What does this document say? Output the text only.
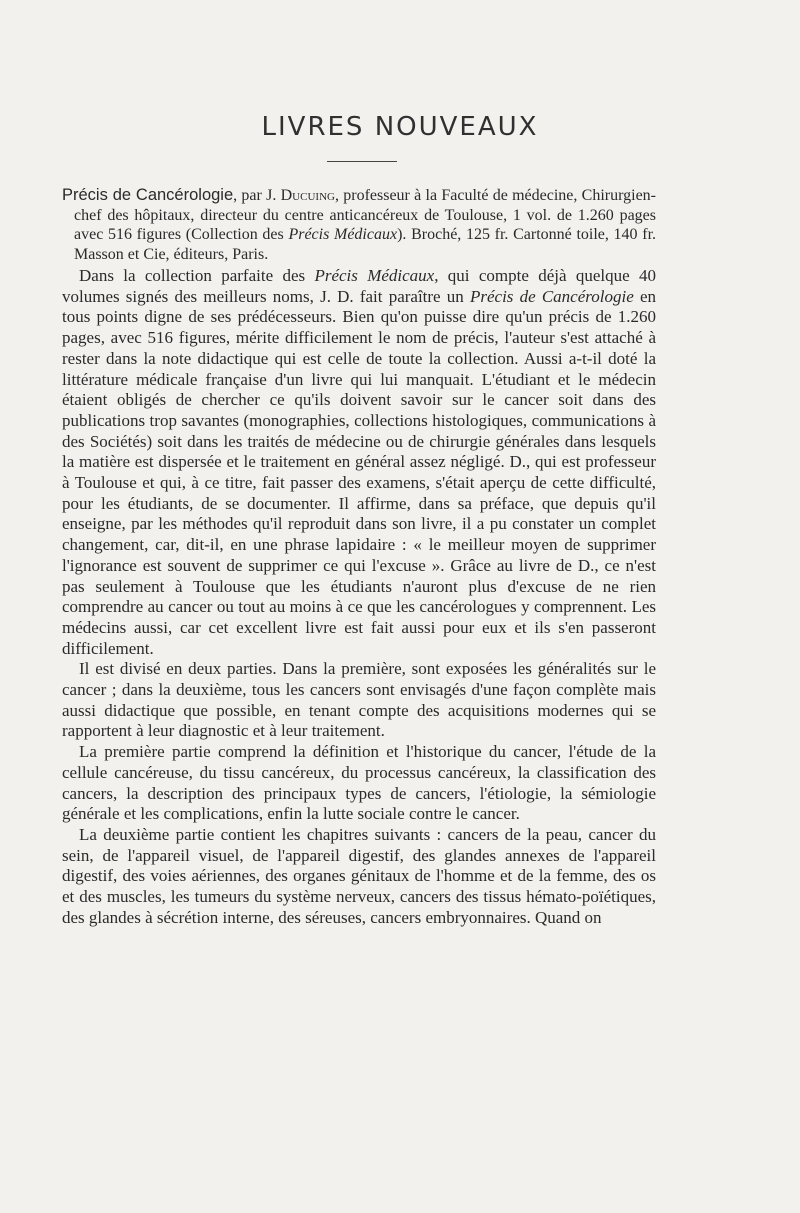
LIVRES NOUVEAUX

Précis de Cancérologie, par J. Ducuing, professeur à la Faculté de médecine, Chirurgien-chef des hôpitaux, directeur du centre anticancéreux de Toulouse, 1 vol. de 1.260 pages avec 516 figures (Collection des Précis Médicaux). Broché, 125 fr. Cartonné toile, 140 fr. Masson et Cie, éditeurs, Paris.

Dans la collection parfaite des Précis Médicaux, qui compte déjà quelque 40 volumes signés des meilleurs noms, J. D. fait paraître un Précis de Cancérologie en tous points digne de ses prédécesseurs. Bien qu'on puisse dire qu'un précis de 1.260 pages, avec 516 figures, mérite difficilement le nom de précis, l'auteur s'est attaché à rester dans la note didactique qui est celle de toute la collection. Aussi a-t-il doté la littérature médicale française d'un livre qui lui manquait. L'étudiant et le médecin étaient obligés de chercher ce qu'ils doivent savoir sur le cancer soit dans des publications trop savantes (monographies, collections histologiques, communications à des Sociétés) soit dans les traités de médecine ou de chirurgie générales dans lesquels la matière est dispersée et le traitement en général assez négligé. D., qui est professeur à Toulouse et qui, à ce titre, fait passer des examens, s'était aperçu de cette difficulté, pour les étudiants, de se documenter. Il affirme, dans sa préface, que depuis qu'il enseigne, par les méthodes qu'il reproduit dans son livre, il a pu constater un complet changement, car, dit-il, en une phrase lapidaire : « le meilleur moyen de supprimer l'ignorance est souvent de supprimer ce qui l'excuse ». Grâce au livre de D., ce n'est pas seulement à Toulouse que les étudiants n'auront plus d'excuse de ne rien comprendre au cancer ou tout au moins à ce que les cancérologues y comprennent. Les médecins aussi, car cet excellent livre est fait aussi pour eux et ils s'en passeront difficilement.

Il est divisé en deux parties. Dans la première, sont exposées les généralités sur le cancer ; dans la deuxième, tous les cancers sont envisagés d'une façon complète mais aussi didactique que possible, en tenant compte des acquisitions modernes qui se rapportent à leur diagnostic et à leur traitement.

La première partie comprend la définition et l'historique du cancer, l'étude de la cellule cancéreuse, du tissu cancéreux, du processus cancéreux, la classification des cancers, la description des principaux types de cancers, l'étiologie, la sémiologie générale et les complications, enfin la lutte sociale contre le cancer.

La deuxième partie contient les chapitres suivants : cancers de la peau, cancer du sein, de l'appareil visuel, de l'appareil digestif, des glandes annexes de l'appareil digestif, des voies aériennes, des organes génitaux de l'homme et de la femme, des os et des muscles, les tumeurs du système nerveux, cancers des tissus hémato-poïétiques, des glandes à sécrétion interne, des séreuses, cancers embryonnaires. Quand on
